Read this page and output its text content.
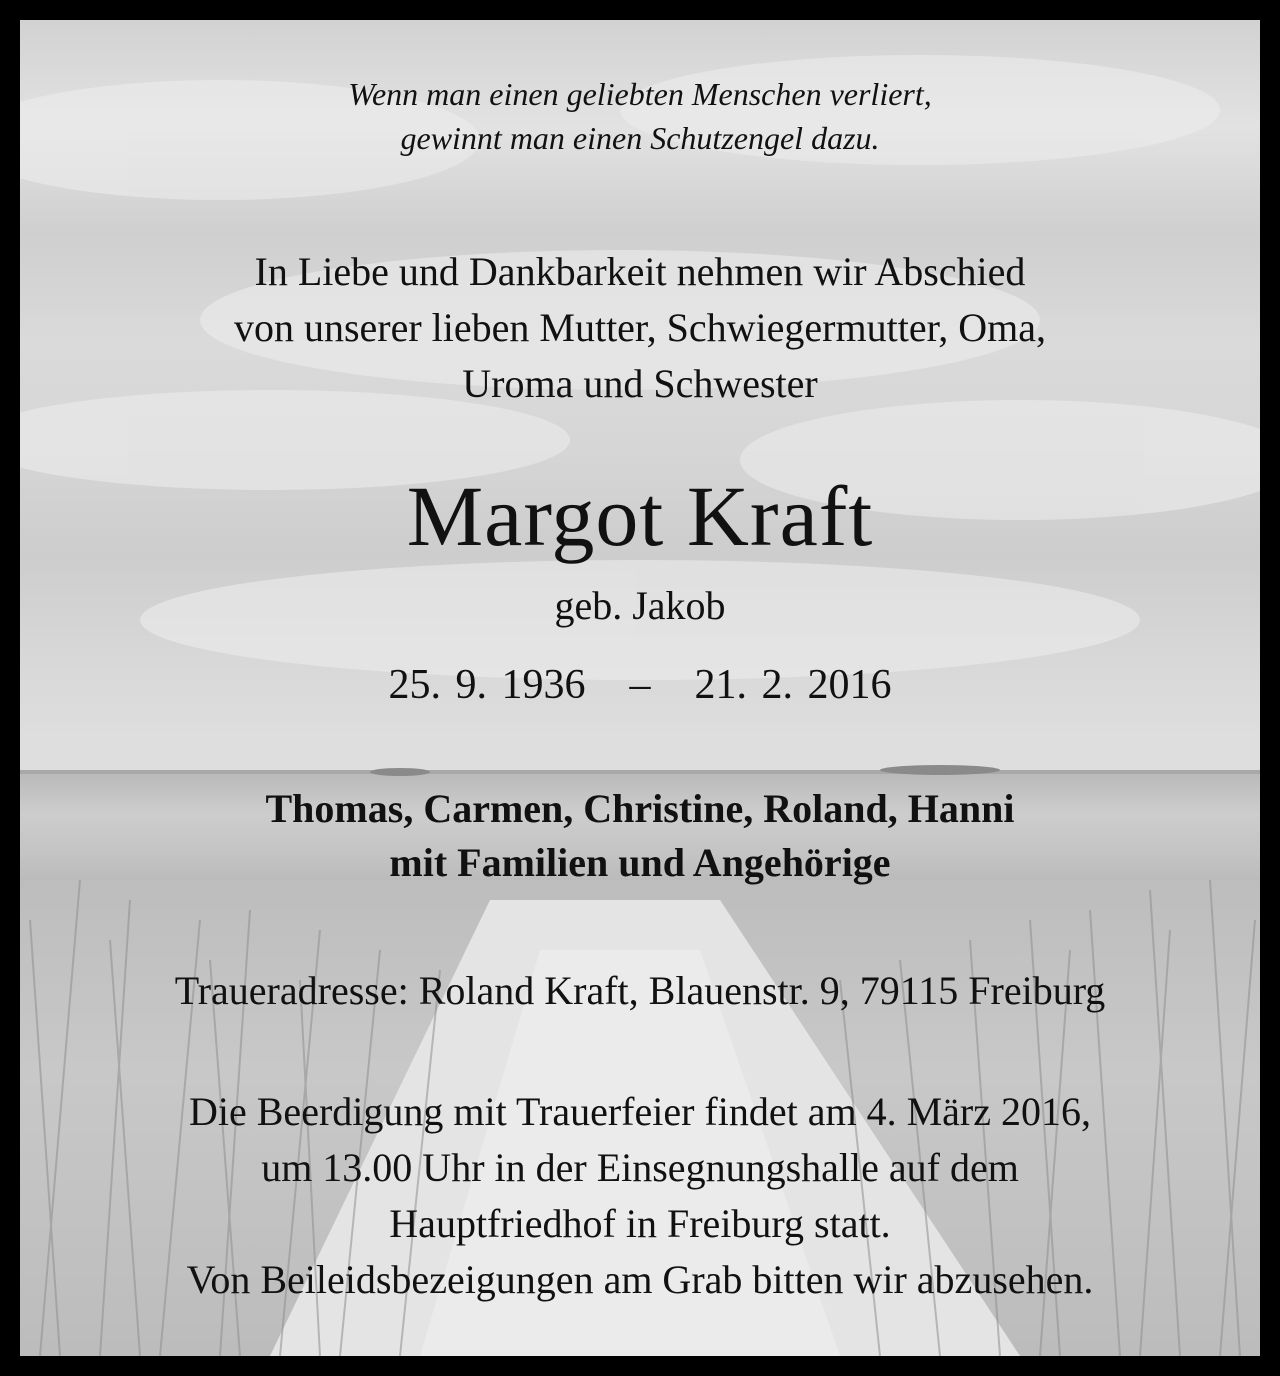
Wenn man einen geliebten Menschen verliert,
gewinnt man einen Schutzengel dazu.
In Liebe und Dankbarkeit nehmen wir Abschied
von unserer lieben Mutter, Schwiegermutter, Oma,
Uroma und Schwester
Margot Kraft
geb. Jakob
25. 9. 1936 – 21. 2. 2016
Thomas, Carmen, Christine, Roland, Hanni
mit Familien und Angehörige
Traueradresse: Roland Kraft, Blauenstr. 9, 79115 Freiburg
Die Beerdigung mit Trauerfeier findet am 4. März 2016,
um 13.00 Uhr in der Einsegnungshalle auf dem
Hauptfriedhof in Freiburg statt.
Von Beileidsbezeigungen am Grab bitten wir abzusehen.
